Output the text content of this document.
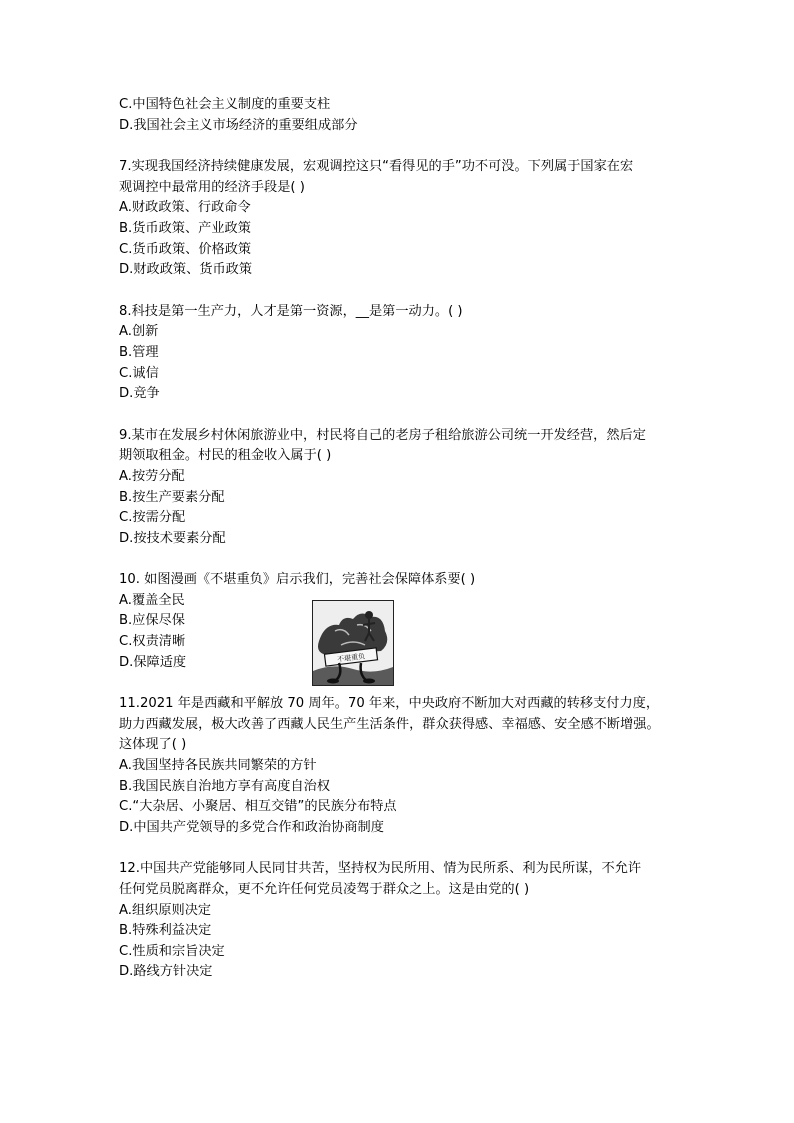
C.中国特色社会主义制度的重要支柱
D.我国社会主义市场经济的重要组成部分
7.实现我国经济持续健康发展，宏观调控这只“看得见的手”功不可没。下列属于国家在宏
观调控中最常用的经济手段是( )
A.财政政策、行政命令
B.货币政策、产业政策
C.货币政策、价格政策
D.财政政策、货币政策
8.科技是第一生产力，人才是第一资源，__是第一动力。( )
A.创新
B.管理
C.诚信
D.竞争
9.某市在发展乡村休闲旅游业中，村民将自己的老房子租给旅游公司统一开发经营，然后定
期领取租金。村民的租金收入属于( )
A.按劳分配
B.按生产要素分配
C.按需分配
D.按技术要素分配
10. 如图漫画《不堪重负》启示我们，完善社会保障体系要( )
A.覆盖全民
B.应保尽保
C.权责清晰
D.保障适度
11.2021 年是西藏和平解放 70 周年。70 年来，中央政府不断加大对西藏的转移支付力度，
助力西藏发展，极大改善了西藏人民生产生活条件，群众获得感、幸福感、安全感不断增强。
这体现了( )
A.我国坚持各民族共同繁荣的方针
B.我国民族自治地方享有高度自治权
C.“大杂居、小聚居、相互交错”的民族分布特点
D.中国共产党领导的多党合作和政治协商制度
12.中国共产党能够同人民同甘共苦，坚持权为民所用、情为民所系、利为民所谋，不允许
任何党员脱离群众，更不允许任何党员凌驾于群众之上。这是由党的( )
A.组织原则决定
B.特殊利益决定
C.性质和宗旨决定
D.路线方针决定
不堪重负
